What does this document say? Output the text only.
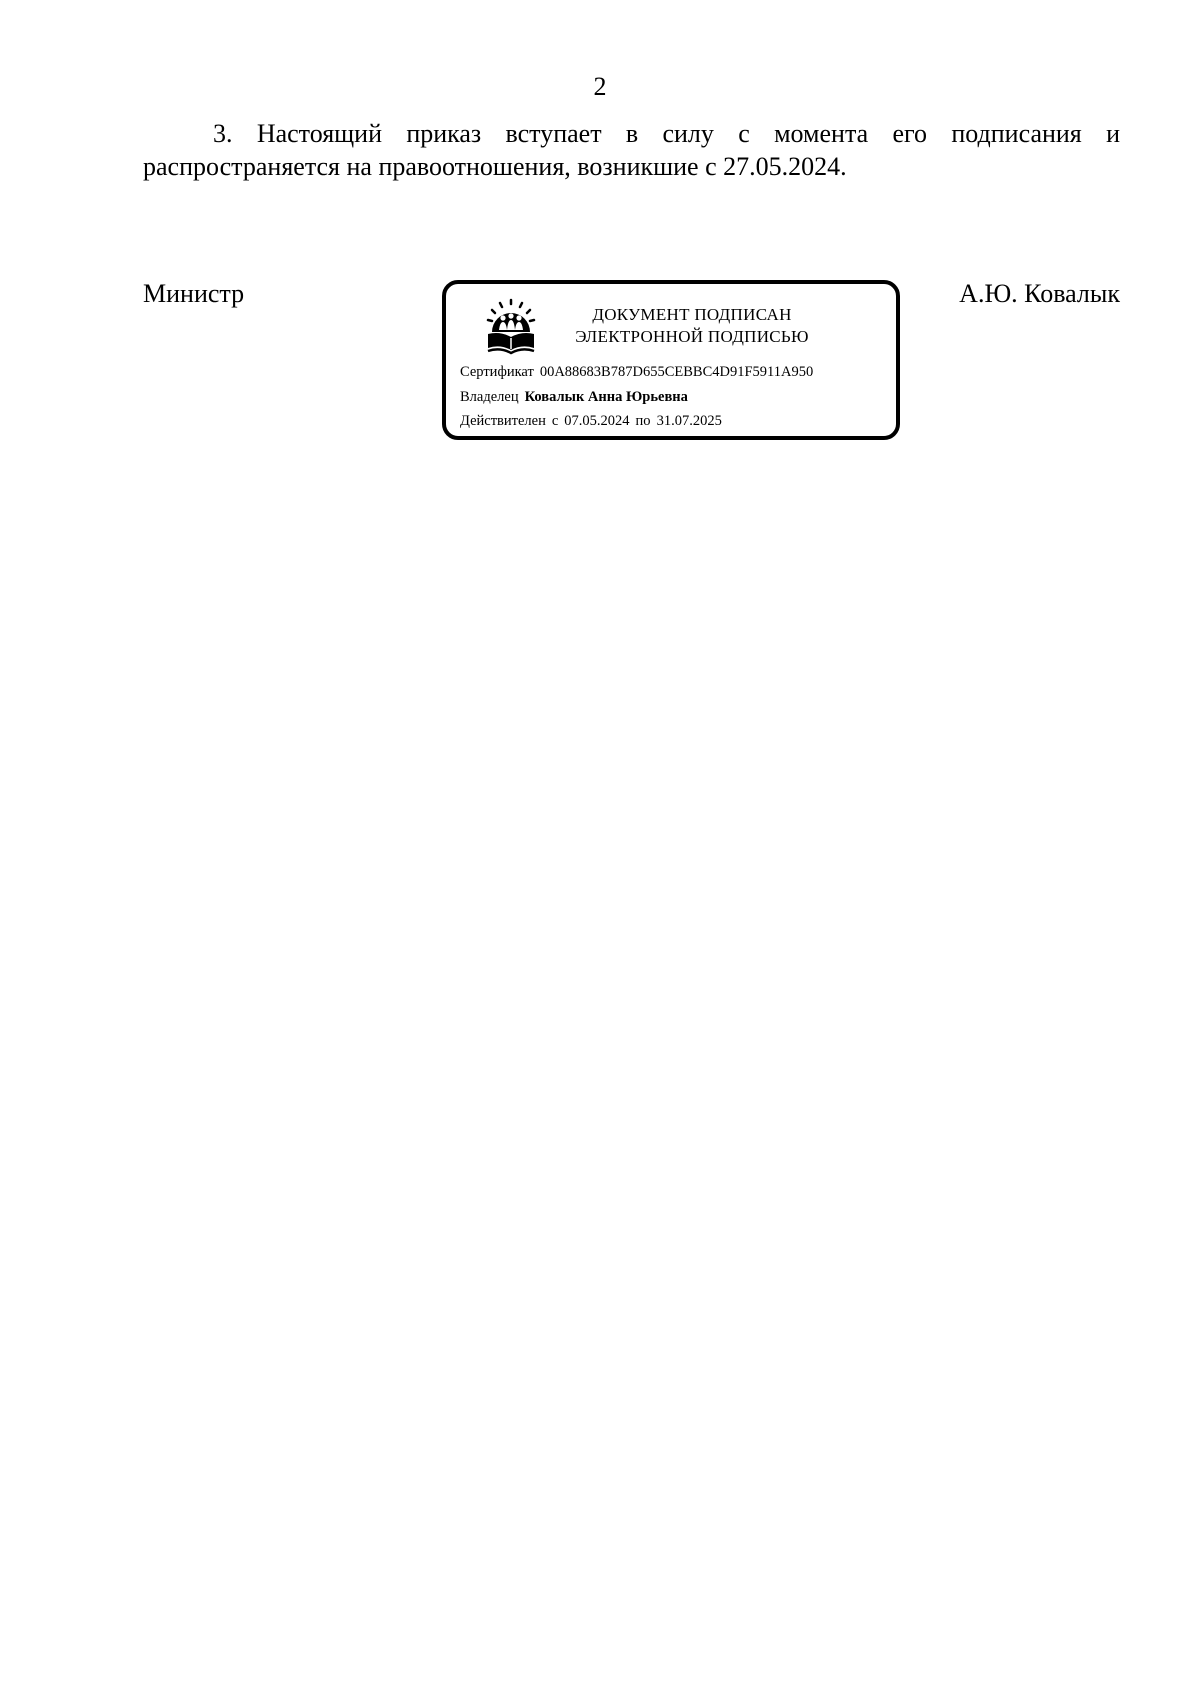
2

3. Настоящий приказ вступает в силу с момента его подписания и распространяется на правоотношения, возникшие с 27.05.2024.

Министр
ДОКУМЕНТ ПОДПИСАН
ЭЛЕКТРОННОЙ ПОДПИСЬЮ
Сертификат 00A88683B787D655CEBBC4D91F5911A950
Владелец Ковалык Анна Юрьевна
Действителен с 07.05.2024 по 31.07.2025
А.Ю. Ковалык
